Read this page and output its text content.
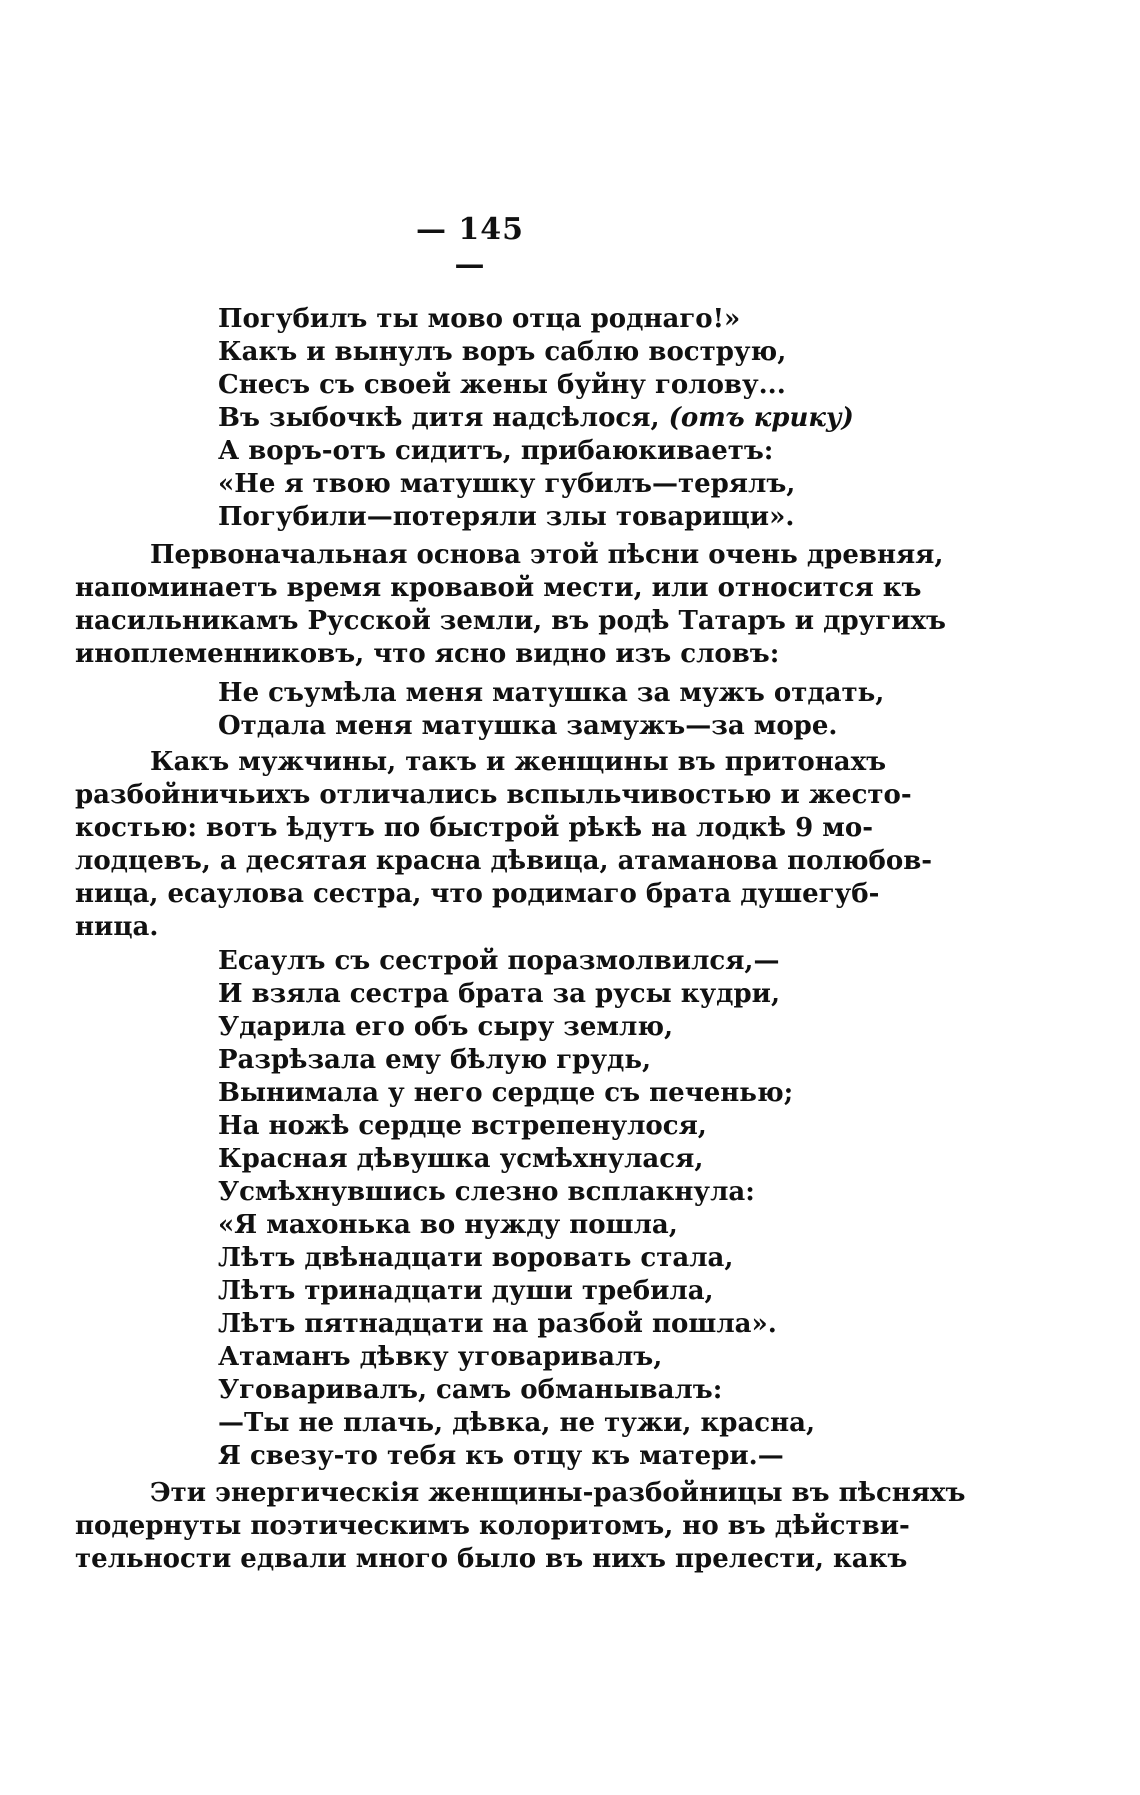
— 145 —
Погубилъ ты мово отца роднаго!»
Какъ и вынулъ воръ саблю вострую,
Снесъ съ своей жены буйну голову...
Въ зыбочкѣ дитя надсѣлося, (отъ крику)
А воръ-отъ сидитъ, прибаюкиваетъ:
«Не я твою матушку губилъ—терялъ,
Погубили—потеряли злы товарищи».
Первоначальная основа этой пѣсни очень древняя,
напоминаетъ время кровавой мести, или относится къ
насильникамъ Русской земли, въ родѣ Татаръ и другихъ
иноплеменниковъ, что ясно видно изъ словъ:
Не съумѣла меня матушка за мужъ отдать,
Отдала меня матушка замужъ—за море.
Какъ мужчины, такъ и женщины въ притонахъ
разбойничьихъ отличались вспыльчивостью и жесто-
костью: вотъ ѣдутъ по быстрой рѣкѣ на лодкѣ 9 мо-
лодцевъ, а десятая красна дѣвица, атаманова полюбов-
ница, есаулова сестра, что родимаго брата душегуб-
ница.
Есаулъ съ сестрой поразмолвился,—
И взяла сестра брата за русы кудри,
Ударила его объ сыру землю,
Разрѣзала ему бѣлую грудь,
Вынимала у него сердце съ печенью;
На ножѣ сердце встрепенулося,
Красная дѣвушка усмѣхнулася,
Усмѣхнувшись слезно всплакнула:
«Я махонька во нужду пошла,
Лѣтъ двѣнадцати воровать стала,
Лѣтъ тринадцати души требила,
Лѣтъ пятнадцати на разбой пошла».
Атаманъ дѣвку уговаривалъ,
Уговаривалъ, самъ обманывалъ:
—Ты не плачь, дѣвка, не тужи, красна,
Я свезу-то тебя къ отцу къ матери.—
Эти энергическія женщины-разбойницы въ пѣсняхъ
подернуты поэтическимъ колоритомъ, но въ дѣйстви-
тельности едвали много было въ нихъ прелести, какъ
